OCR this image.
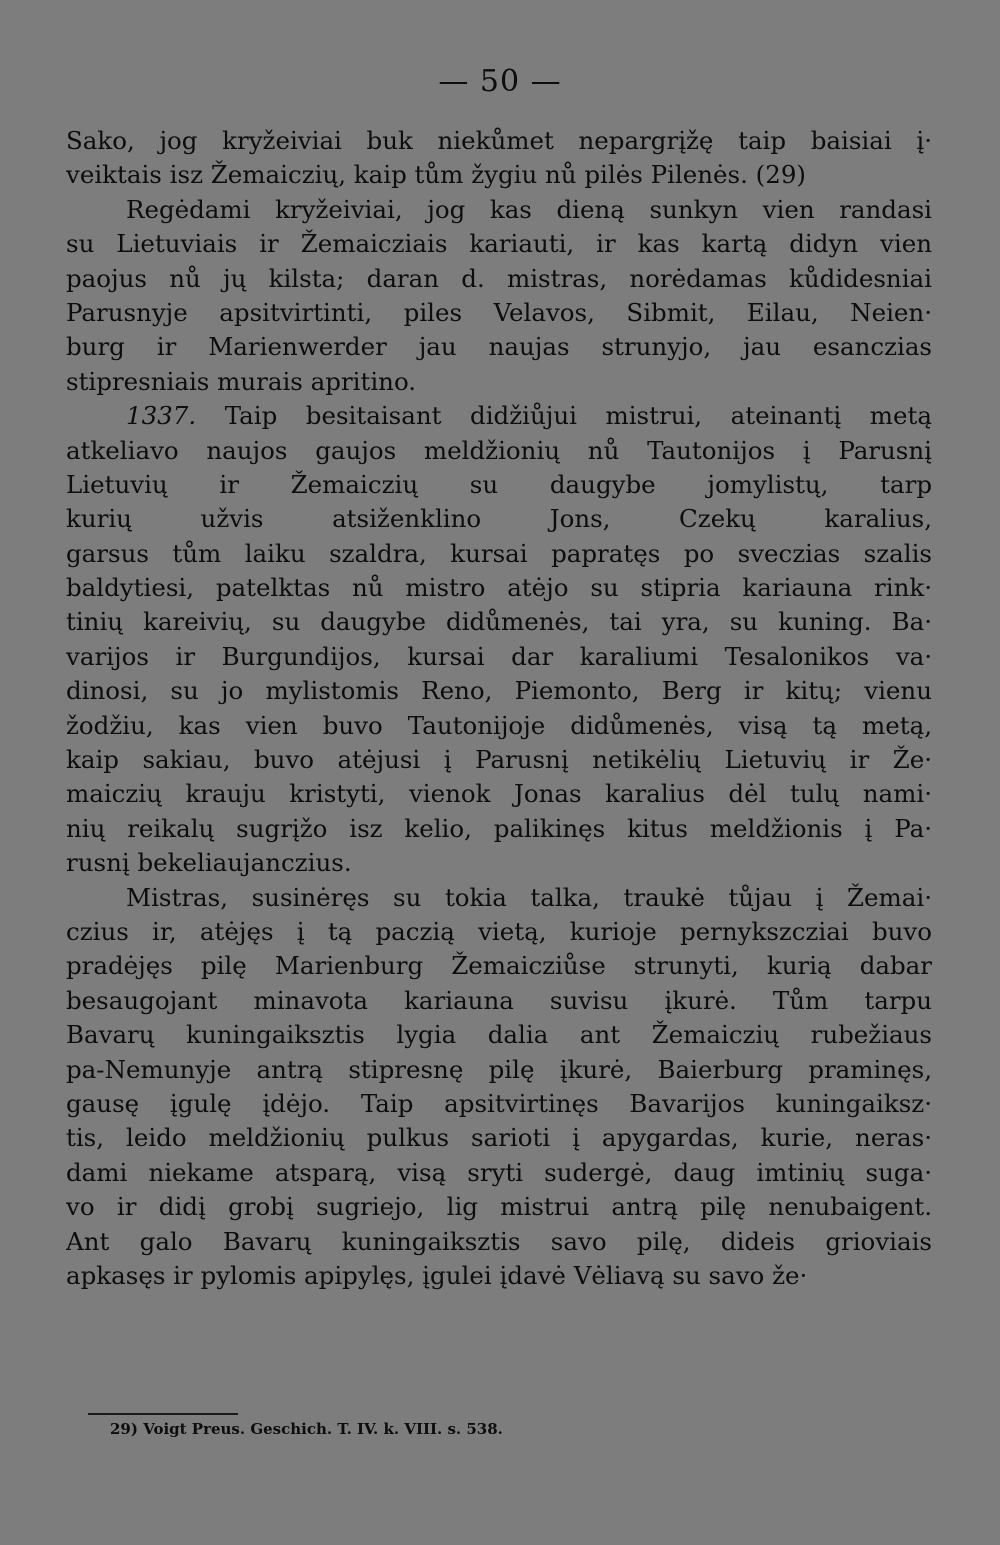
— 50 —
Sako, jog kryžeiviai buk niekůmet nepargrįžę taip baisiai į·
veiktais isz Žemaiczių, kaip tům žygiu nů pilės Pilenės. (29)
Regėdami kryžeiviai, jog kas dieną sunkyn vien randasi
su Lietuviais ir Žemaicziais kariauti, ir kas kartą didyn vien
paojus nů jų kilsta; daran d. mistras, norėdamas kůdidesniai
Parusnyje apsitvirtinti, piles Velavos, Sibmit, Eilau, Neien·
burg ir Marienwerder jau naujas strunyjo, jau esanczias
stipresniais murais apritino.
1337. Taip besitaisant didžiůjui mistrui, ateinantį metą
atkeliavo naujos gaujos meldžionių nů Tautonijos į Parusnį
Lietuvių ir Žemaiczių su daugybe jomylistų, tarp
kurių užvis atsiženklino Jons, Czekų karalius,
garsus tům laiku szaldra, kursai papratęs po sveczias szalis
baldytiesi, patelktas nů mistro atėjo su stipria kariauna rink·
tinių kareivių, su daugybe didůmenės, tai yra, su kuning. Ba·
varijos ir Burgundijos, kursai dar karaliumi Tesalonikos va·
dinosi, su jo mylistomis Reno, Piemonto, Berg ir kitų; vienu
žodžiu, kas vien buvo Tautonijoje didůmenės, visą tą metą,
kaip sakiau, buvo atėjusi į Parusnį netikėlių Lietuvių ir Že·
maiczių krauju kristyti, vienok Jonas karalius dėl tulų nami·
nių reikalų sugrįžo isz kelio, palikinęs kitus meldžionis į Pa·
rusnį bekeliaujanczius.
Mistras, susinėręs su tokia talka, traukė tůjau į Žemai·
czius ir, atėjęs į tą paczią vietą, kurioje pernykszcziai buvo
pradėjęs pilę Marienburg Žemaicziůse strunyti, kurią dabar
besaugojant minavota kariauna suvisu įkurė. Tům tarpu
Bavarų kuningaiksztis lygia dalia ant Žemaiczių rubežiaus
pa-Nemunyje antrą stipresnę pilę įkurė, Baierburg praminęs,
gausę įgulę įdėjo. Taip apsitvirtinęs Bavarijos kuningaiksz·
tis, leido meldžionių pulkus sarioti į apygardas, kurie, neras·
dami niekame atsparą, visą sryti sudergė, daug imtinių suga·
vo ir didį grobį sugriejo, lig mistrui antrą pilę nenubaigent.
Ant galo Bavarų kuningaiksztis savo pilę, dideis grioviais
apkasęs ir pylomis apipylęs, įgulei įdavė Vėliavą su savo že·
29) Voigt Preus. Geschich. T. IV. k. VIII. s. 538.
